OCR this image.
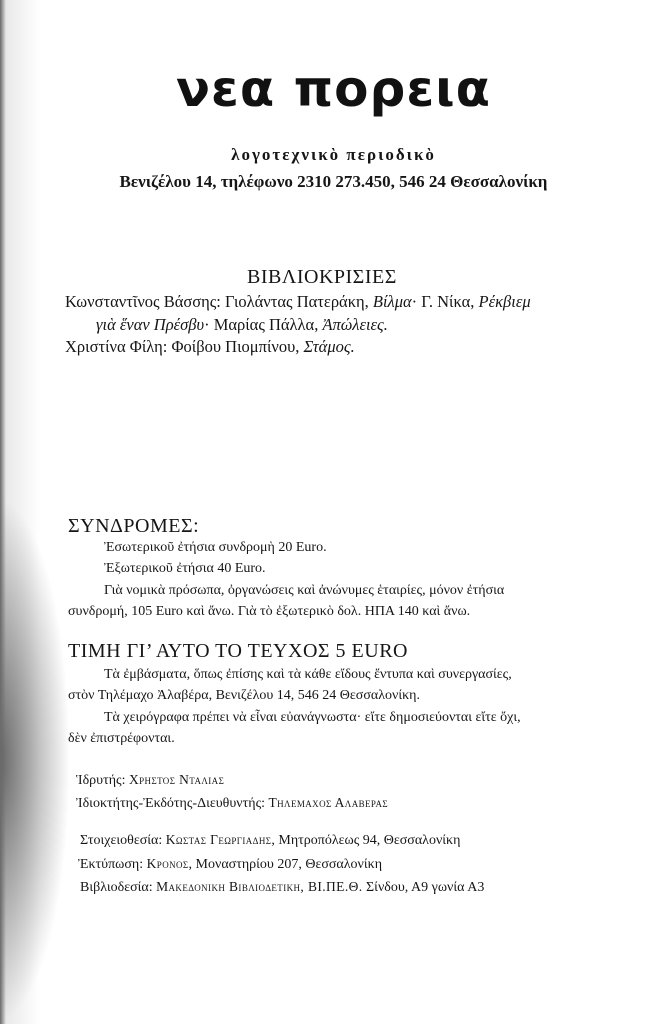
νεα πορεια
λογοτεχνικὸ περιοδικὸ
Βενιζέλου 14, τηλέφωνο 2310 273.450, 546 24 Θεσσαλονίκη
ΒΙΒΛΙΟΚΡΙΣΙΕΣ
Κωνσταντῖνος Βάσσης: Γιολάντας Πατεράκη, Βίλμα· Γ. Νίκα, Ρέκβιεμ
γιὰ ἕναν Πρέσβυ· Μαρίας Πάλλα, Ἀπώλειες.
Χριστίνα Φίλη: Φοίβου Πιομπίνου, Στάμος.
ΣΥΝΔΡΟΜΕΣ:
Ἐσωτερικοῦ ἐτήσια συνδρομὴ 20 Euro.
Ἐξωτερικοῦ ἐτήσια 40 Euro.
Γιὰ νομικὰ πρόσωπα, ὀργανώσεις καὶ ἀνώνυμες ἑταιρίες, μόνον ἐτήσια
συνδρομή, 105 Euro καὶ ἄνω. Γιὰ τὸ ἐξωτερικὸ δολ. ΗΠΑ 140 καὶ ἄνω.
ΤΙΜΗ ΓΙ’ ΑΥΤΟ ΤΟ ΤΕΥΧΟΣ 5 EURO
Τὰ ἐμβάσματα, ὅπως ἐπίσης καὶ τὰ κάθε εἴδους ἔντυπα καὶ συνεργασίες,
στὸν Τηλέμαχο Ἀλαβέρα, Βενιζέλου 14, 546 24 Θεσσαλονίκη.
Τὰ χειρόγραφα πρέπει νὰ εἶναι εὐανάγνωστα· εἴτε δημοσιεύονται εἴτε ὄχι,
δὲν ἐπιστρέφονται.
Ἱδρυτής: Χρηστος Νταλιας
Ἰδιοκτήτης-Ἐκδότης-Διευθυντής: Τηλεμαχος Αλαβερας
Στοιχειοθεσία: Κωστας Γεωργιαδης, Μητροπόλεως 94, Θεσσαλονίκη
Ἐκτύπωση: Κρονος, Μοναστηρίου 207, Θεσσαλονίκη
Βιβλιοδεσία: Μακεδονικη Βιβλιοδετικη, ΒΙ.ΠΕ.Θ. Σίνδου, Α9 γωνία Α3
